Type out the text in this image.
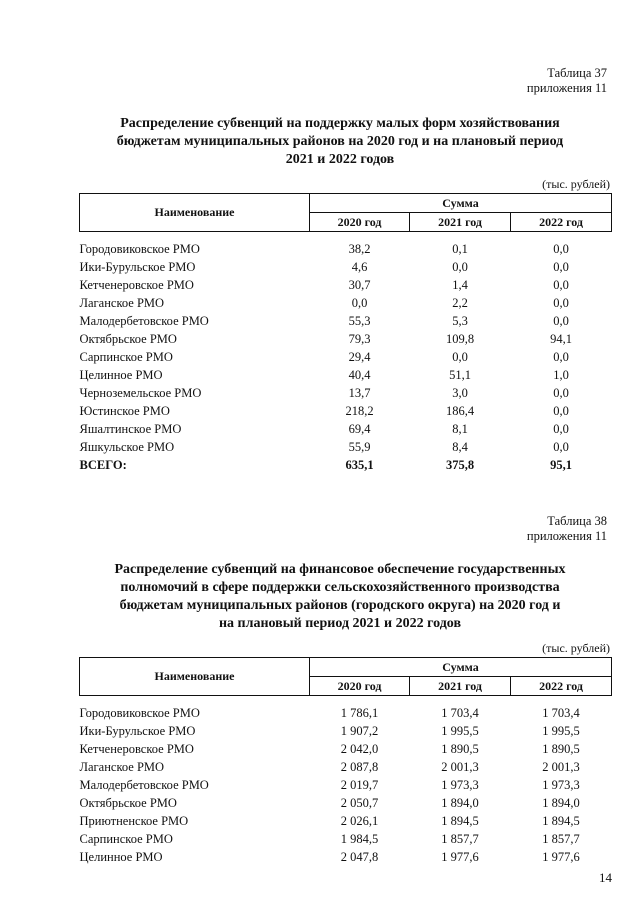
Таблица 37
приложения 11
Распределение субвенций на поддержку малых форм хозяйствования
бюджетам муниципальных районов на 2020 год и на плановый период
2021 и 2022 годов
(тыс. рублей)
Наименование	Сумма		
	2020 год	2021 год	2022 год

Городовиковское РМО	38,2	0,1	0,0
Ики-Бурульское РМО	4,6	0,0	0,0
Кетченеровское РМО	30,7	1,4	0,0
Лаганское РМО	0,0	2,2	0,0
Малодербетовское РМО	55,3	5,3	0,0
Октябрьское РМО	79,3	109,8	94,1
Сарпинское РМО	29,4	0,0	0,0
Целинное РМО	40,4	51,1	1,0
Черноземельское РМО	13,7	3,0	0,0
Юстинское РМО	218,2	186,4	0,0
Яшалтинское РМО	69,4	8,1	0,0
Яшкульское РМО	55,9	8,4	0,0
ВСЕГО:	635,1	375,8	95,1
Таблица 38
приложения 11
Распределение субвенций на финансовое обеспечение государственных
полномочий в сфере поддержки сельскохозяйственного производства
бюджетам муниципальных районов (городского округа) на 2020 год и
на плановый период 2021 и 2022 годов
(тыс. рублей)
Наименование	Сумма		
	2020 год	2021 год	2022 год

Городовиковское РМО	1 786,1	1 703,4	1 703,4
Ики-Бурульское РМО	1 907,2	1 995,5	1 995,5
Кетченеровское РМО	2 042,0	1 890,5	1 890,5
Лаганское РМО	2 087,8	2 001,3	2 001,3
Малодербетовское РМО	2 019,7	1 973,3	1 973,3
Октябрьское РМО	2 050,7	1 894,0	1 894,0
Приютненское РМО	2 026,1	1 894,5	1 894,5
Сарпинское РМО	1 984,5	1 857,7	1 857,7
Целинное РМО	2 047,8	1 977,6	1 977,6
14
